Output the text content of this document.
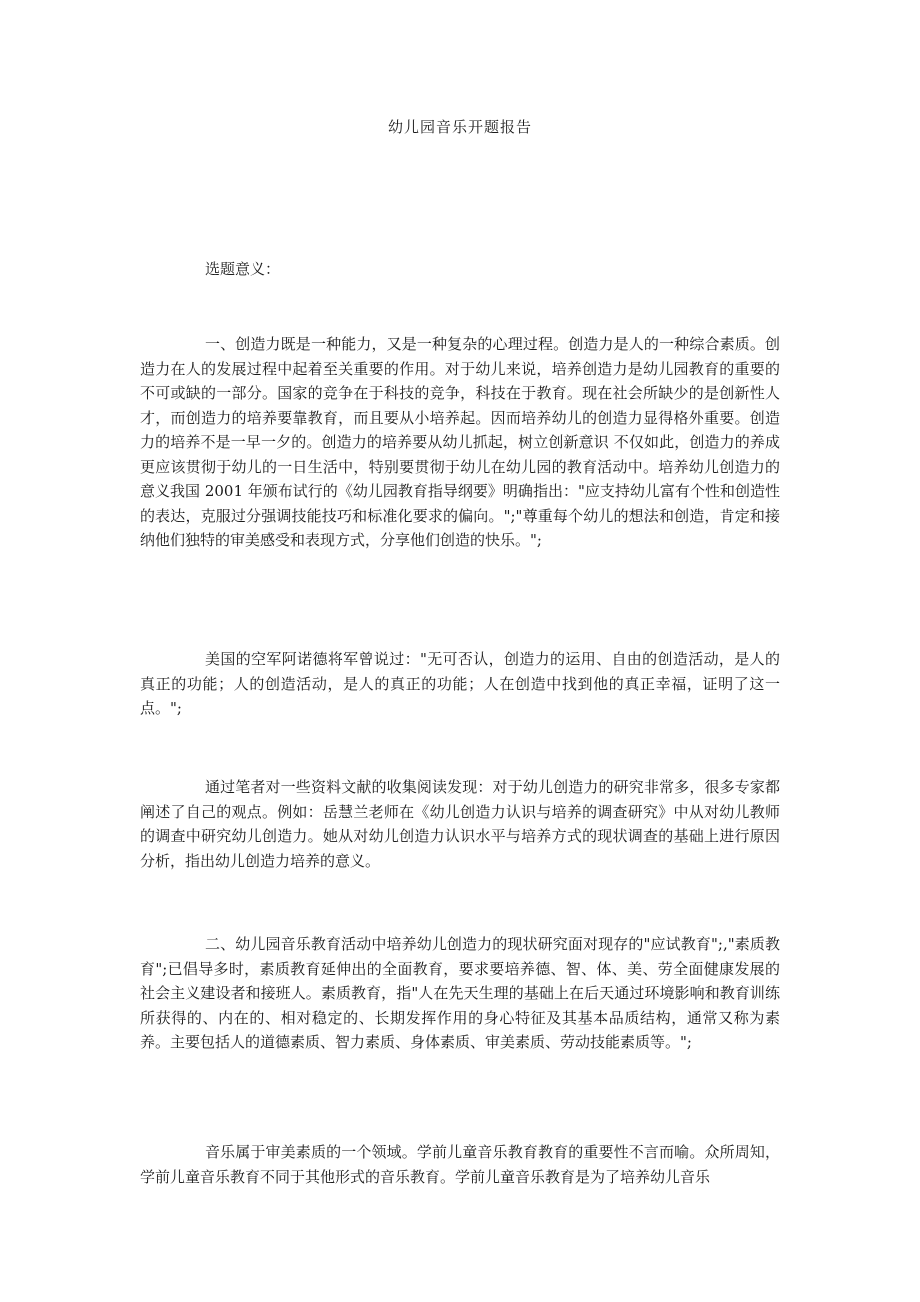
幼儿园音乐开题报告
选题意义：

一、创造力既是一种能力，又是一种复杂的心理过程。创造力是人的一种综合素质。创造力在人的发展过程中起着至关重要的作用。对于幼儿来说，培养创造力是幼儿园教育的重要的不可或缺的一部分。国家的竞争在于科技的竞争，科技在于教育。现在社会所缺少的是创新性人才，而创造力的培养要靠教育，而且要从小培养起。因而培养幼儿的创造力显得格外重要。创造力的培养不是一早一夕的。创造力的培养要从幼儿抓起，树立创新意识 不仅如此，创造力的养成更应该贯彻于幼儿的一日生活中，特别要贯彻于幼儿在幼儿园的教育活动中。培养幼儿创造力的意义我国 2001 年颁布试行的《幼儿园教育指导纲要》明确指出："应支持幼儿富有个性和创造性的表达，克服过分强调技能技巧和标准化要求的偏向。";"尊重每个幼儿的想法和创造，肯定和接纳他们独特的审美感受和表现方式，分享他们创造的快乐。";

美国的空军阿诺德将军曾说过："无可否认，创造力的运用、自由的创造活动，是人的真正的功能；人的创造活动，是人的真正的功能；人在创造中找到他的真正幸福，证明了这一点。";

通过笔者对一些资料文献的收集阅读发现：对于幼儿创造力的研究非常多，很多专家都阐述了自己的观点。例如：岳慧兰老师在《幼儿创造力认识与培养的调查研究》中从对幼儿教师的调查中研究幼儿创造力。她从对幼儿创造力认识水平与培养方式的现状调查的基础上进行原因分析，指出幼儿创造力培养的意义。

二、幼儿园音乐教育活动中培养幼儿创造力的现状研究面对现存的"应试教育";,"素质教育";已倡导多时，素质教育延伸出的全面教育，要求要培养德、智、体、美、劳全面健康发展的社会主义建设者和接班人。素质教育，指"人在先天生理的基础上在后天通过环境影响和教育训练所获得的、内在的、相对稳定的、长期发挥作用的身心特征及其基本品质结构，通常又称为素养。主要包括人的道德素质、智力素质、身体素质、审美素质、劳动技能素质等。";

音乐属于审美素质的一个领域。学前儿童音乐教育教育的重要性不言而喻。众所周知，学前儿童音乐教育不同于其他形式的音乐教育。学前儿童音乐教育是为了培养幼儿音乐
